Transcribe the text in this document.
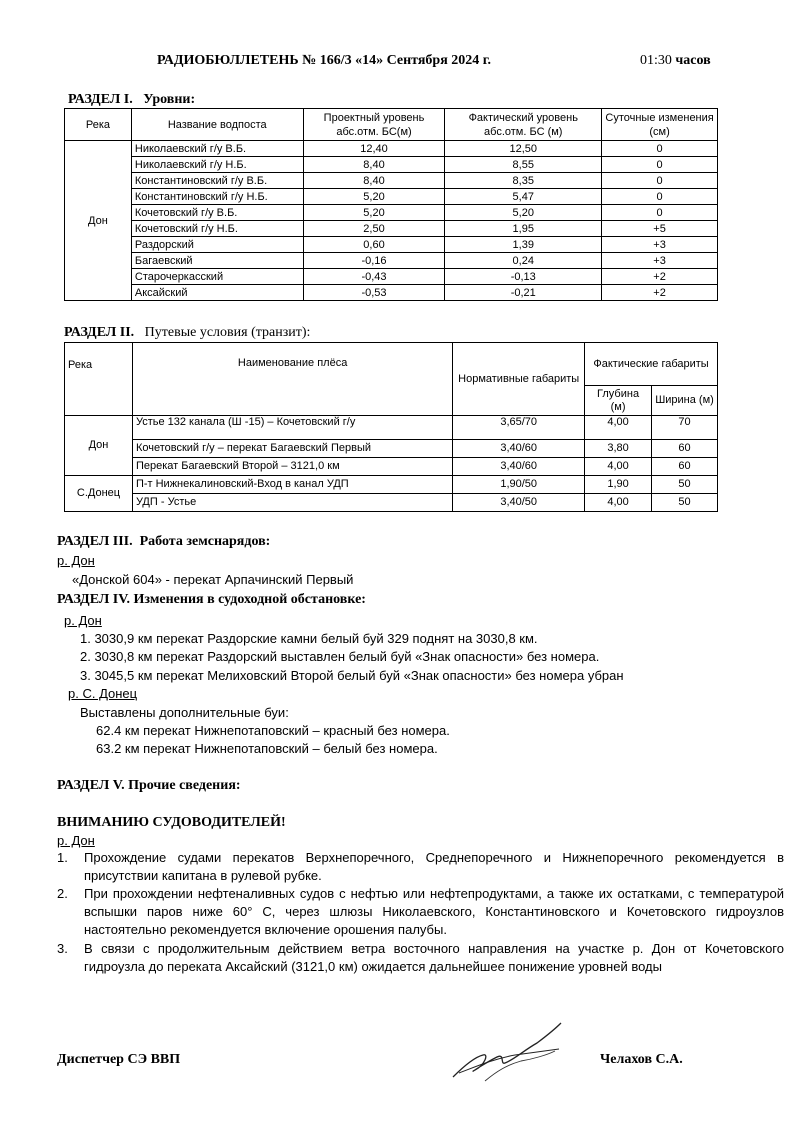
РАДИОБЮЛЛЕТЕНЬ № 166/3 «14» Сентября 2024 г.	01:30 часов
РАЗДЕЛ I. Уровни:
Река	Название водпоста	Проектный уровень абс.отм. БС(м)	Фактический уровень абс.отм. БС (м)	Суточные изменения (см)
Дон	Николаевский г/у В.Б.	12,40	12,50	0
	Николаевский г/у Н.Б.	8,40	8,55	0
	Константиновский г/у В.Б.	8,40	8,35	0
	Константиновский г/у Н.Б.	5,20	5,47	0
	Кочетовский г/у В.Б.	5,20	5,20	0
	Кочетовский г/у Н.Б.	2,50	1,95	+5
	Раздорский	0,60	1,39	+3
	Багаевский	-0,16	0,24	+3
	Старочеркасский	-0,43	-0,13	+2
	Аксайский	-0,53	-0,21	+2
РАЗДЕЛ II. Путевые условия (транзит):
Река	Наименование плёса	Нормативные габариты	Фактические габариты	
			Глубина (м)	Ширина (м)
Дон	Устье 132 канала (Ш -15) – Кочетовский г/у	3,65/70	4,00	70
	Кочетовский г/у – перекат Багаевский Первый	3,40/60	3,80	60
	Перекат Багаевский Второй – 3121,0 км	3,40/60	4,00	60
С.Донец	П-т Нижнекалиновский-Вход в канал УДП	1,90/50	1,90	50
	УДП - Устье	3,40/50	4,00	50
РАЗДЕЛ III. Работа земснарядов:
р. Дон
«Донской 604» - перекат Арпачинский Первый
РАЗДЕЛ IV. Изменения в судоходной обстановке:
р. Дон
1. 3030,9 км перекат Раздорские камни белый буй 329 поднят на 3030,8 км.
2. 3030,8 км перекат Раздорский выставлен белый буй «Знак опасности» без номера.
3. 3045,5 км перекат Мелиховский Второй белый буй «Знак опасности» без номера убран
р. С. Донец
Выставлены дополнительные буи:
62.4 км перекат Нижнепотаповский – красный без номера.
63.2 км перекат Нижнепотаповский – белый без номера.
РАЗДЕЛ V. Прочие сведения:
ВНИМАНИЮ СУДОВОДИТЕЛЕЙ!
р. Дон
1. Прохождение судами перекатов Верхнепоречного, Среднепоречного и Нижнепоречного рекомендуется в присутствии капитана в рулевой рубке.
2. При прохождении нефтеналивных судов с нефтью или нефтепродуктами, а также их остатками, с температурой вспышки паров ниже 60° С, через шлюзы Николаевского, Константиновского и Кочетовского гидроузлов настоятельно рекомендуется включение орошения палубы.
3. В связи с продолжительным действием ветра восточного направления на участке р. Дон от Кочетовского гидроузла до переката Аксайский (3121,0 км) ожидается дальнейшее понижение уровней воды
Диспетчер СЭ ВВП	Челахов С.А.
